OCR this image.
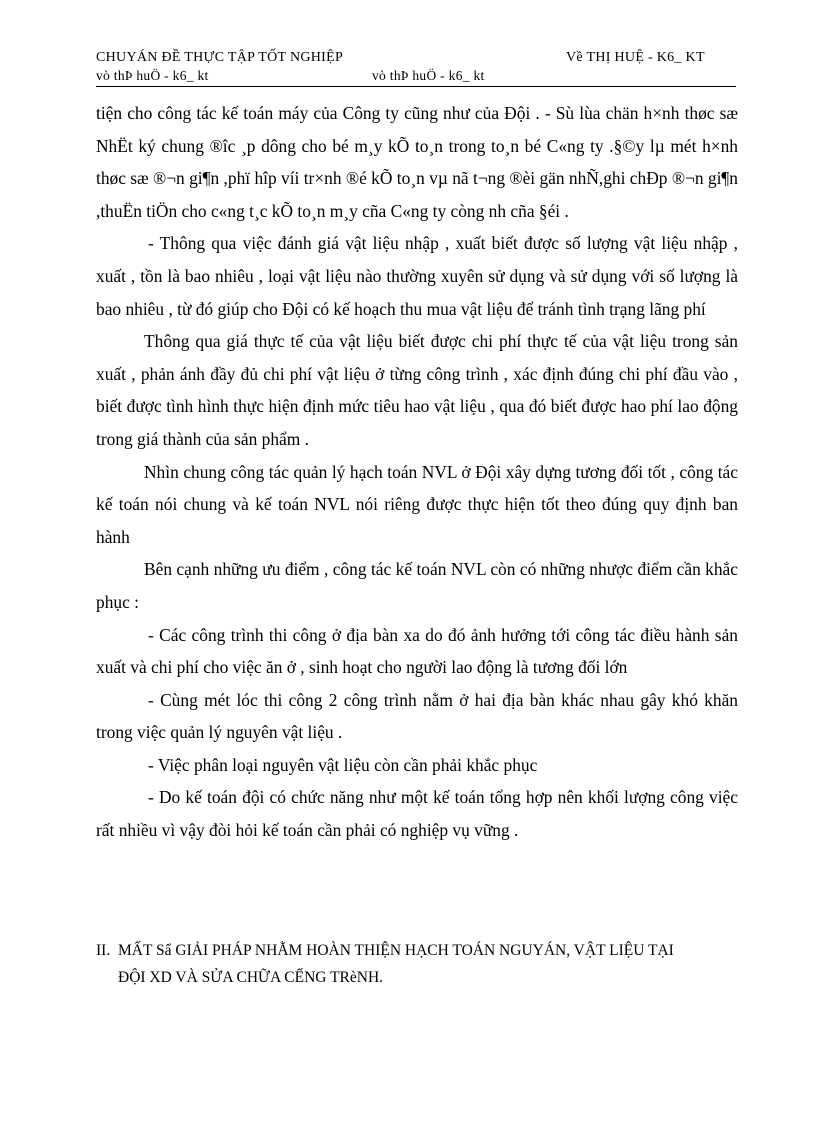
CHUYÁN ĐỀ THỰC TẬP TỐT NGHIỆP	Về THỊ HUỆ - K6_ KT
vò thÞ huÖ - k6_ kt	vò thÞ huÖ - k6_ kt

tiện cho công tác kế toán máy của Công ty cũng như của Đội . - Sù lùa chän h×nh thøc sæ NhËt ký chung ®îc ¸p dông cho bé m¸y kÕ to¸n trong to¸n bé C«ng ty .§©y lµ mét h×nh thøc sæ ®¬n gi¶n ,phï hîp víi tr×nh ®é kÕ to¸n vµ nã t¬ng ®èi gän nhÑ,ghi chÐp ®¬n gi¶n ,thuËn tiÖn cho c«ng t¸c kÕ to¸n m¸y cña C«ng ty còng nh cña §éi .

- Thông qua việc đánh giá vật liệu nhập , xuất biết được số lượng vật liệu nhập , xuất , tồn là bao nhiêu , loại vật liệu nào thường xuyên sử dụng và sử dụng với số lượng là bao nhiêu , từ đó giúp cho Đội có kế hoạch thu mua vật liệu để tránh tình trạng lãng phí

Thông qua giá thực tế của vật liệu biết được chi phí thực tế của vật liệu trong sản xuất , phản ánh đầy đủ chi phí vật liệu ở từng công trình , xác định đúng chi phí đầu vào , biết được tình hình thực hiện định mức tiêu hao vật liệu , qua đó biết được hao phí lao động trong giá thành của sản phẩm .

Nhìn chung công tác quản lý hạch toán NVL ở Đội xây dựng tương đối tốt , công tác kế toán nói chung và kế toán NVL nói riêng được thực hiện tốt theo đúng quy định ban hành

Bên cạnh những ưu điểm , công tác kế toán NVL còn có những nhược điểm cần khắc phục :

- Các công trình thi công ở địa bàn xa do đó ảnh hưởng tới công tác điều hành sản xuất và chi phí cho việc ăn ở , sinh hoạt cho người lao động là tương đối lớn

- Cùng mét lóc thi công 2 công trình nằm ở hai địa bàn khác nhau gây khó khăn trong việc quản lý nguyên vật liệu .

- Việc phân loại nguyên vật liệu còn cần phải khắc phục

- Do kế toán đội có chức năng như một kế toán tổng hợp nên khối lượng công việc rất nhiều vì vậy đòi hỏi kế toán cần phải có nghiệp vụ vững .

II. MẤT Sẩ GIẢI PHÁP NHẰM HOÀN THIỆN HẠCH TOÁN NGUYÁN, VẬT LIỆU TẠI
ĐỘI XD VÀ SỬA CHỮA CẾNG TRèNH.
